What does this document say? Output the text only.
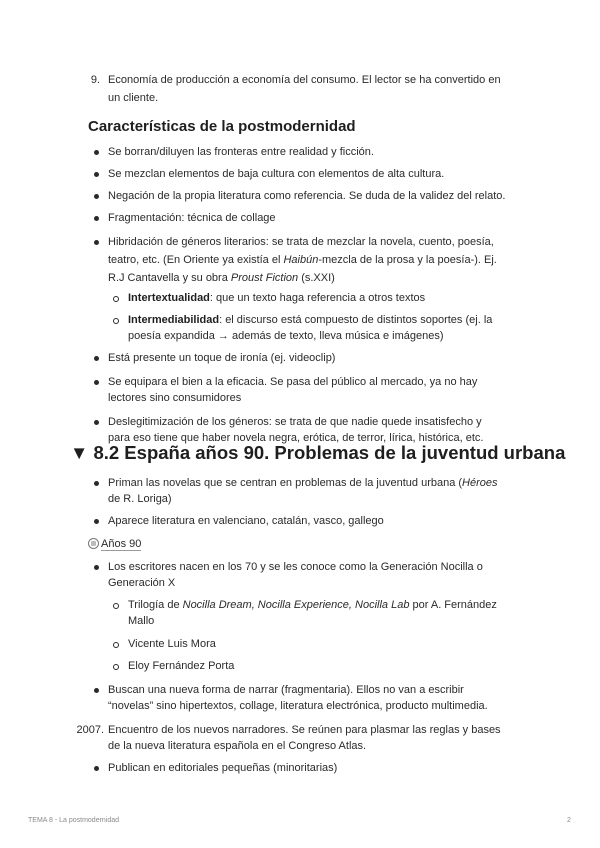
9. Economía de producción a economía del consumo. El lector se ha convertido en
un cliente.
Características de la postmodernidad
Se borran/diluyen las fronteras entre realidad y ficción.
Se mezclan elementos de baja cultura con elementos de alta cultura.
Negación de la propia literatura como referencia. Se duda de la validez del relato.
Fragmentación: técnica de collage
Hibridación de géneros literarios: se trata de mezclar la novela, cuento, poesía,
teatro, etc. (En Oriente ya existía el Haibún-mezcla de la prosa y la poesía-). Ej.
R.J Cantavella y su obra Proust Fiction (s.XXI)
Intertextualidad: que un texto haga referencia a otros textos
Intermediabilidad: el discurso está compuesto de distintos soportes (ej. la
poesía expandida → además de texto, lleva música e imágenes)
Está presente un toque de ironía (ej. videoclip)
Se equipara el bien a la eficacia. Se pasa del público al mercado, ya no hay
lectores sino consumidores
Deslegitimización de los géneros: se trata de que nadie quede insatisfecho y
para eso tiene que haber novela negra, erótica, de terror, lírica, histórica, etc.
▼ 8.2 España años 90. Problemas de la juventud urbana
Priman las novelas que se centran en problemas de la juventud urbana (Héroes
de R. Loriga)
Aparece literatura en valenciano, catalán, vasco, gallego
Años 90
Los escritores nacen en los 70 y se les conoce como la Generación Nocilla o
Generación X
Trilogía de Nocilla Dream, Nocilla Experience, Nocilla Lab por A. Fernández
Mallo
Vicente Luis Mora
Eloy Fernández Porta
Buscan una nueva forma de narrar (fragmentaria). Ellos no van a escribir
“novelas” sino hipertextos, collage, literatura electrónica, producto multimedia.
2007. Encuentro de los nuevos narradores. Se reúnen para plasmar las reglas y bases
de la nueva literatura española en el Congreso Atlas.
Publican en editoriales pequeñas (minoritarias)
TEMA 8 - La postmodernidad	2
